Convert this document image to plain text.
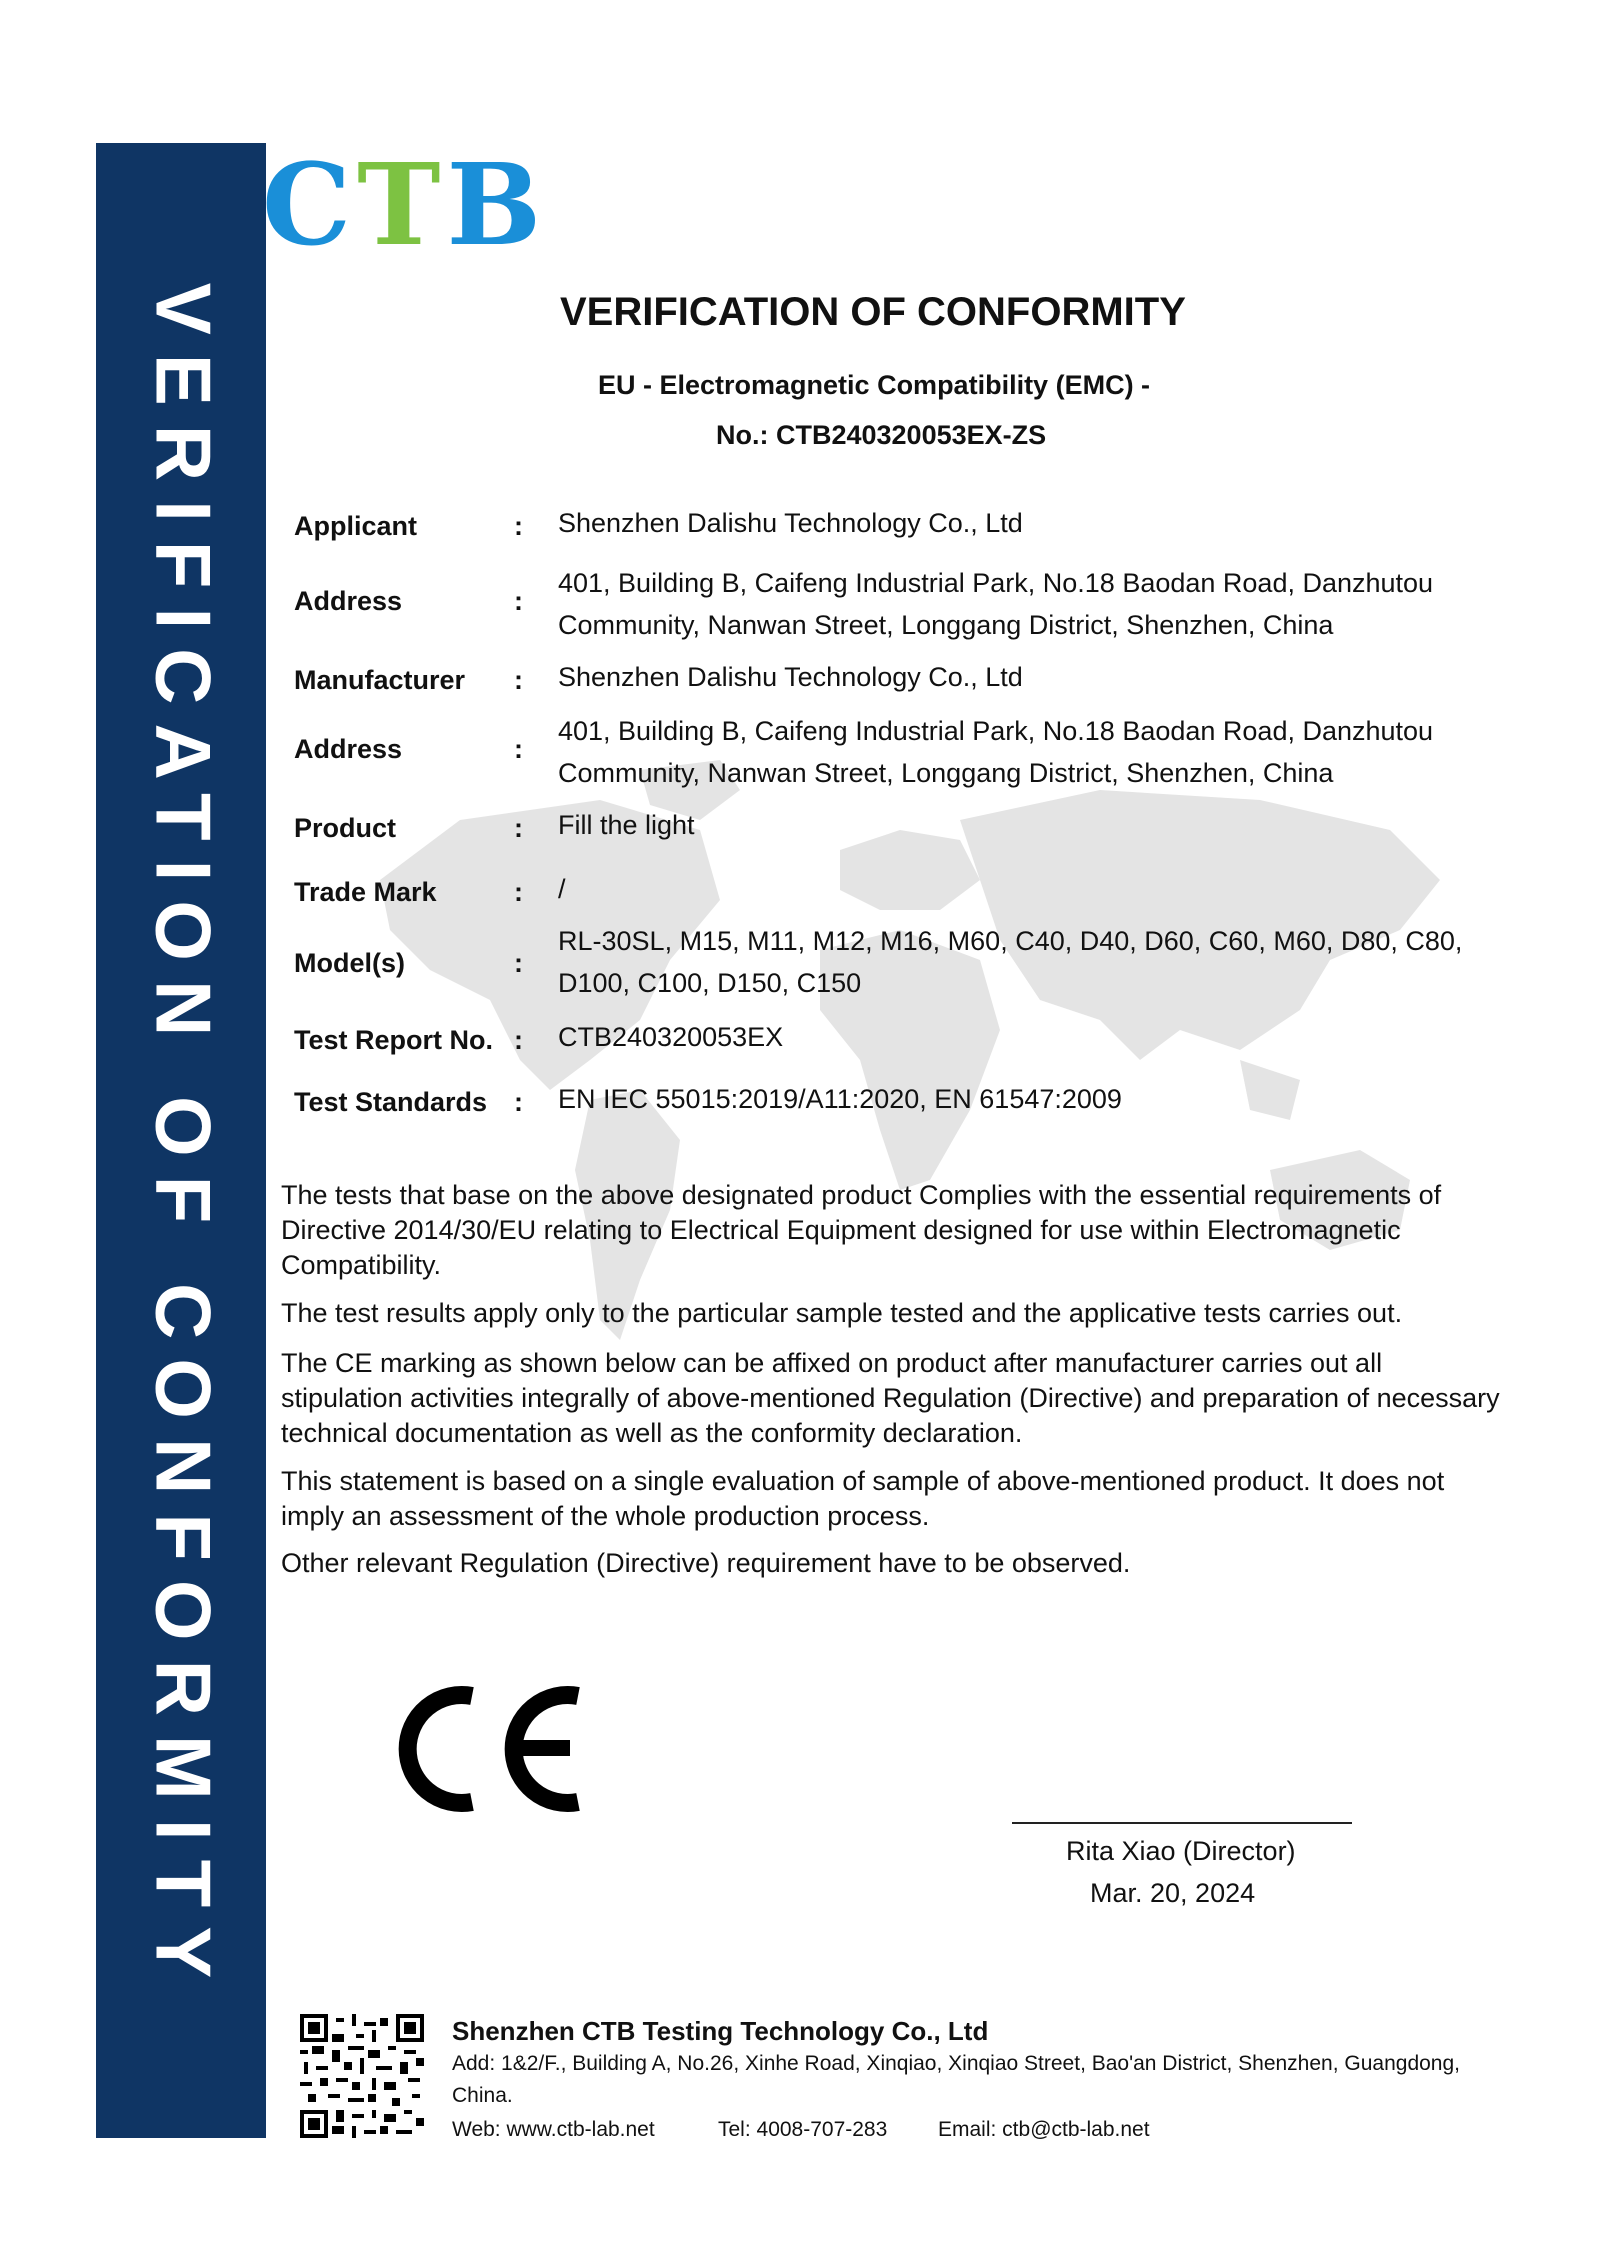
VERIFICATION OF CONFORMITY
CTB
VERIFICATION OF CONFORMITY
EU - Electromagnetic Compatibility (EMC) -
No.: CTB240320053EX-ZS
Applicant	: Shenzhen Dalishu Technology Co., Ltd
Address	:
401, Building B, Caifeng Industrial Park, No.18 Baodan Road, Danzhutou Community, Nanwan Street, Longgang District, Shenzhen, China
Manufacturer : Shenzhen Dalishu Technology Co., Ltd
Address	:
401, Building B, Caifeng Industrial Park, No.18 Baodan Road, Danzhutou Community, Nanwan Street, Longgang District, Shenzhen, China
Product	: Fill the light
Trade Mark	: /
Model(s)	:
RL-30SL, M15, M11, M12, M16, M60, C40, D40, D60, C60, M60, D80, C80, D100, C100, D150, C150
Test Report No. : CTB240320053EX
Test Standards : EN IEC 55015:2019/A11:2020, EN 61547:2009
The tests that base on the above designated product Complies with the essential requirements of Directive 2014/30/EU relating to Electrical Equipment designed for use within Electromagnetic Compatibility.
The test results apply only to the particular sample tested and the applicative tests carries out.
The CE marking as shown below can be affixed on product after manufacturer carries out all stipulation activities integrally of above-mentioned Regulation (Directive) and preparation of necessary technical documentation as well as the conformity declaration.
This statement is based on a single evaluation of sample of above-mentioned product. It does not imply an assessment of the whole production process.
Other relevant Regulation (Directive) requirement have to be observed.
Rita Xiao (Director)
Mar. 20, 2024
Shenzhen CTB Testing Technology Co., Ltd
Add: 1&2/F., Building A, No.26, Xinhe Road, Xinqiao, Xinqiao Street, Bao'an District, Shenzhen, Guangdong,
China.
Web: www.ctb-lab.net	Tel: 4008-707-283 Email: ctb@ctb-lab.net
